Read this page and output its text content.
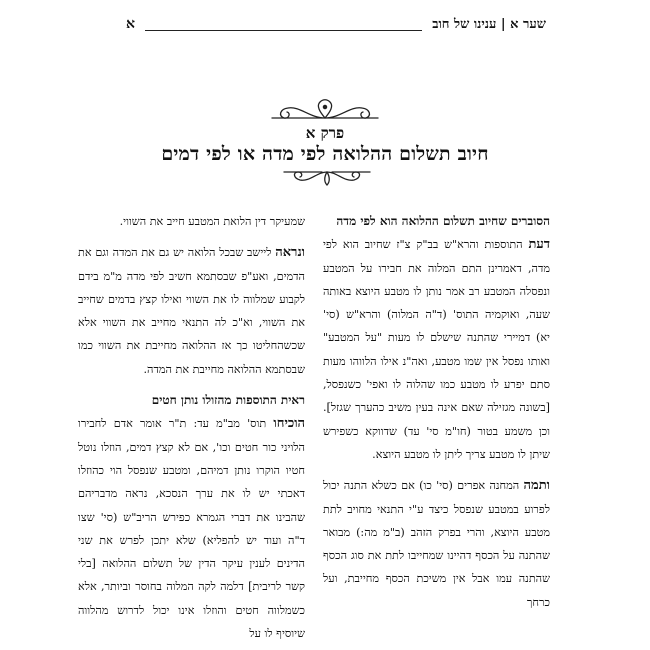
שער א | ענינו של חוב
א
פרק א
חיוב תשלום ההלואה לפי מדה או לפי דמים
הסוברים שחיוב תשלום ההלואה הוא לפי מדה

דעת התוספות והרא"ש בב"ק צ"ז שחיוב הוא לפי מדה, דאמרינן התם המלוה את חבירו על המטבע ונפסלה המטבע רב אמר נותן לו מטבע היוצא באותה שעה, ואוקמיה התוס' (ד"ה המלוה) והרא"ש (סי' יא) דמיירי שהתנה שישלם לו מעות "על המטבע" ואותו נפסל אין שמו מטבע, ואה"נ אילו הלווהו מעות סתם יפרע לו מטבע כמו שהלוה לו ואפי' כשנפסל, [בשונה מגזילה שאם אינה בעין משיב כהערך שגזל]. וכן משמע בטור (חו"מ סי' עד) שדווקא כשפירש שיתן לו מטבע צריך ליתן לו מטבע היוצא.

ותמה המחנה אפרים (סי' כו) אם כשלא התנה יכול לפרוע במטבע שנפסל כיצד ע"י התנאי מחויב לתת מטבע היוצא, והרי בפרק הזהב (ב"מ מה:) מבואר שהתנה על הכסף דהיינו שמחייבו לתת את סוג הכסף שהתנה עמו אבל אין משיכת הכסף מחייבת, ועל כרחך

שמעיקר דין הלואת המטבע חייב את השווי.

ונראה ליישב שבכל הלואה יש גם את המדה וגם את הדמים, ואע"פ שבסתמא חשיב לפי מדה מ"מ בידם לקבוע שמלווה לו את השווי ואילו קצץ בדמים שחייב את השווי, וא"כ לה התנאי מחייב את השווי אלא שכשהחליטו כך אז ההלואה מחייבת את השווי כמו שבסתמא ההלואה מחייבת את המדה.

ראית התוספות מהזולו נותן חטים

הוכיחו תוס' מב"מ עד: ת"ר אומר אדם לחבירו הלויני כור חטים וכו', אם לא קצץ דמים, הוזלו נוטל חטיו הוקרו נותן דמיהם, ומטבע שנפסל הוי כהוזלו דאכתי יש לו את ערך הנסכא, נראה מדבריהם שהבינו את דברי הגמרא כפירש הריב"ש (סי' שצו ד"ה ועוד יש להפליא) שלא יתכן לפרש את שני הדינים לענין עיקר הדין של תשלום ההלואה [בלי קשר לריבית] דלמה לקה המלוה בחוסר וביותר, אלא כשמלווה חטים והוזלו אינו יכול לדרוש מהלווה שיוסיף לו על
